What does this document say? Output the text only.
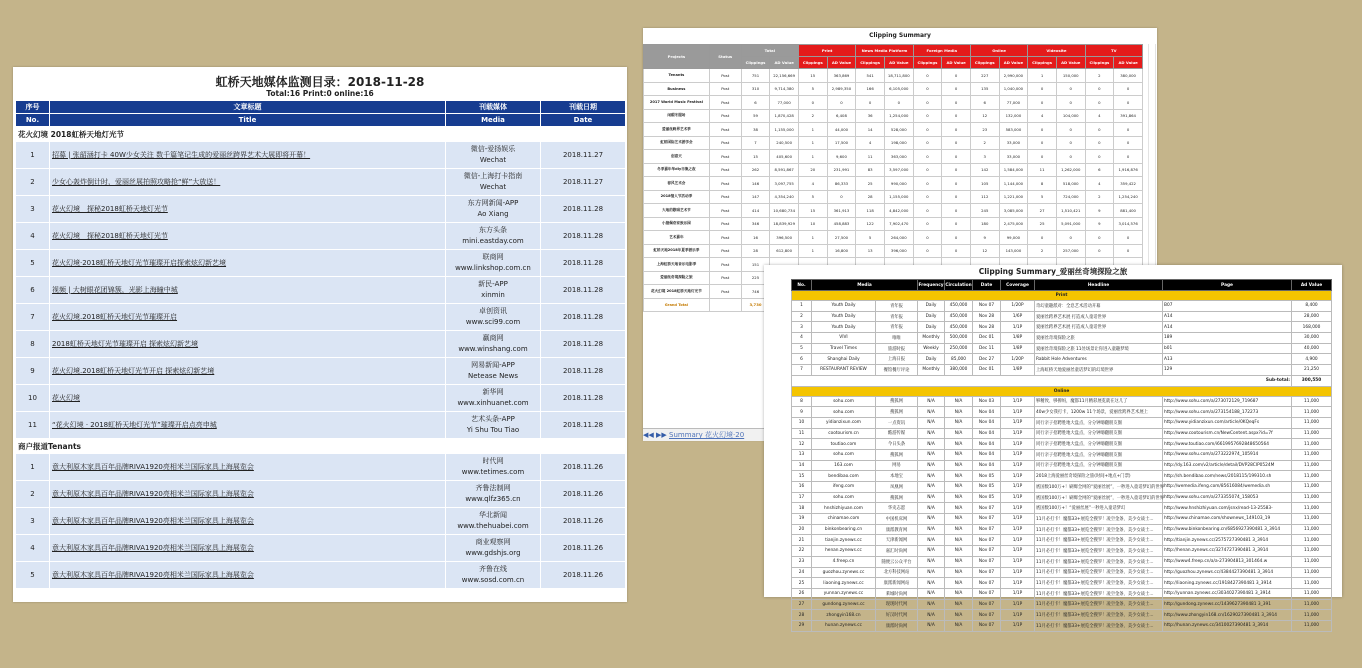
虹桥天地媒体监测目录：2018-11-28
Total:16 Print:0 online:16
序号	文章标题	刊载媒体	刊载日期
No.	Title	Media	Date
花火幻境 2018虹桥天地灯光节			
1	招募 | 张韶涵打卡 40W少女关注 数千篇笔记生成的爱丽丝跨界艺术大展即将开幕！	微信-爱扬娱乐
Wechat	2018.11.27
2	少女心轰炸倒计时，爱丽丝展拍照攻略抢“鲜”大放送！	微信-上海打卡指南
Wechat	2018.11.27
3	花火幻境　探秘2018虹桥天地灯光节	东方网新闻-APP
Ao Xiang	2018.11.28
4	花火幻境　探秘2018虹桥天地灯光节	东方头条
mini.eastday.com	2018.11.28
5	花火幻境·2018虹桥天地灯光节璀璨开启探索炫幻新艺境	联商网
www.linkshop.com.cn	2018.11.28
6	视频 | 大树眼花团锦簇，光影上海瞳中城	新民-APP
xinmin	2018.11.28
7	花火幻境.2018虹桥天地灯光节璀璨开启	卓创资讯
www.sci99.com	2018.11.28
8	2018虹桥天地灯光节璀璨开启 探索炫幻新艺境	赢商网
www.winshang.com	2018.11.28
9	花火幻境.2018虹桥天地灯光节开启 探索炫幻新艺境	网易新闻-APP
Netease News	2018.11.28
10	花火幻境	新华网
www.xinhuanet.com	2018.11.28
11	“花火幻境 · 2018虹桥天地灯光节”璀璨开启点亮申城	艺术头条-APP
Yi Shu Tou Tiao	2018.11.28
商户报道Tenants			
1	意大利原木家具百年品牌RIVA1920亮相米兰国际家具上海展览会	时代网
www.tetimes.com	2018.11.26
2	意大利原木家具百年品牌RIVA1920亮相米兰国际家具上海展览会	齐鲁法制网
www.qlfz365.cn	2018.11.26
3	意大利原木家具百年品牌RIVA1920亮相米兰国际家具上海展览会	华北新闻
www.thehuabei.com	2018.11.26
4	意大利原木家具百年品牌RIVA1920亮相米兰国际家具上海展览会	商业观察网
www.gdshjs.org	2018.11.26
5	意大利原木家具百年品牌RIVA1920亮相米兰国际家具上海展览会	齐鲁在线
www.sosd.com.cn	2018.11.26
Clipping Summary
Projects	Status	Total		Print		News Media Platform		Foreign Media		Online		Videosite		TV	
		Clippings	AD Value	Clippings	AD Value	Clippings	AD Value	Clippings	AD Value	Clippings	AD Value	Clippings	AD Value	Clippings	AD Value
Tenants	Post	751	22,156,669	15	363,869	541	18,711,800	0	0	227	2,990,000	1	150,000	2	380,000
Business	Post	310	9,714,380	5	2,989,350	166	6,105,000	0	0	135	1,040,000	0	0	0	0
2017 World Music Festival	Post	6	77,000	0	0	0	0	0	0	6	77,000	0	0	0	0
闲暇冬服场	Post	59	1,870,428	2	6,408	36	1,254,000	0	0	12	132,000	4	104,000	4	391,864
爱丽丝跨界艺术季	Post	38	1,155,000	1	44,000	14	528,000	0	0	23	583,000	0	0	0	0
虹桥国际艺术游学会	Post	7	240,500	1	17,500	4	198,000	0	0	2	33,000	0	0	0	0
创意天	Post	15	405,600	1	9,600	11	363,000	0	0	3	33,000	0	0	0	0
冬季嘉年华diy市集之夜	Post	262	8,591,867	20	231,991	83	3,597,000	0	0	142	1,584,000	11	1,262,000	6	1,916,876
春风艺术会	Post	146	3,097,755	4	86,333	25	990,000	0	0	105	1,144,000	8	518,000	4	359,422
2018情人节活动季	Post	147	4,354,240	5	0	28	1,155,000	0	0	112	1,221,000	5	724,000	2	1,254,240
大地的歌唱艺术节	Post	414	10,680,734	15	361,913	118	4,842,000	0	0	245	3,085,000	27	1,510,421	9	881,400
小猪佩奇家族乐园	Post	346	18,839,929	10	458,883	122	7,902,470	0	0	180	2,475,000	25	5,091,000	9	3,014,576
艺术嘉年	Post	16	396,500	1	27,500	5	264,000	0	0	9	99,000	0	0	0	0
虹桥天地2018年夏季游乐季	Post	28	612,800	1	16,800	13	396,000	0	0	12	143,000	2	257,000	0	0
上海虹桥天地音乐电影季	Post	151													
爱丽丝奇境探险之旅	Post	225													
花火幻境 2018虹桥天地灯光节	Post	746													
Grand Total		3,730													
◀◀ ▶▶ Summary 花火幻境·20
Clipping Summary_爱丽丝奇境探险之旅
No.	Media		Frequency	Circulation	Date	Coverage	Headline	Page	Ad Value
Print									
1	Youth Daily	青年报	Daily	450,000	Nov 07	1/20P	奇幻童趣派对：全息艺术活动开幕	B07	8,400
2	Youth Daily	青年报	Daily	450,000	Nov 28	1/6P	爱丽丝跨界艺术展 打造成人童话世界	A14	28,000
3	Youth Daily	青年报	Daily	450,000	Nov 28	1/1P	爱丽丝跨界艺术展 打造成人童话世界	A14	168,000
4	VIVI	唯唯	Monthly	500,000	Dec 01	1/8P	爱丽丝奇境探险之旅	189	30,000
5	Travel Times	旅游时报	Weekly	250,000	Dec 11	1/8P	爱丽丝奇境探险之旅 11处场景让你进入童趣梦境	b01	40,000
6	Shanghai Daily	上海日报	Daily	85,000	Dec 27	1/20P	Rabbit Hole Adventures	A13	4,900
7	RESTAURANT REVIEW	餐馆餐厅评论	Monthly	380,000	Dec 01	1/8P	上海虹桥天地爱丽丝童话梦幻的幻境世界	129	21,250
Sub-total:									300,550
Online									
8	sohu.com	搜狐网	N/A	N/A	Nov 03	1/1P	够精致、够撩妈，魔都11月精彩展览就在这儿了	http://www.sohu.com/a/273072129_719687	11,000
9	sohu.com	搜狐网	N/A	N/A	Nov 04	1/1P	40w少女我打卡，1200w 11个场景，爱丽丝跨界艺术展上	http://www.sohu.com/a/273154188_172273	11,000
10	yidianzixun.com	一点资讯	N/A	N/A	Nov 04	1/1P	同行亲子招聘胜地大盘点，分分钟嗨翻朋友圈	http://www.yidianzixun.com/article/0KQeqFs	11,000
11	cootourism.cn	酷游传媒	N/A	N/A	Nov 04	1/1P	同行亲子招聘胜地大盘点，分分钟嗨翻朋友圈	http://www.cootourism.cn/NewContent.aspx?id=7f	11,000
12	toutiao.com	今日头条	N/A	N/A	Nov 04	1/1P	同行亲子招聘胜地大盘点，分分钟嗨翻朋友圈	http://www.toutiao.com/i6619957692848650564	11,000
13	sohu.com	搜狐网	N/A	N/A	Nov 04	1/1P	同行亲子招聘胜地大盘点，分分钟嗨翻朋友圈	http://www.sohu.com/a/273222974_105914	11,000
14	163.com	网易	N/A	N/A	Nov 04	1/1P	同行亲子招聘胜地大盘点，分分钟嗨翻朋友圈	http://dy.163.com/v2/article/detail/DVP28CIP0524M	11,000
15	bendibao.com	本地宝	N/A	N/A	Nov 05	1/1P	2018上海爱丽丝奇境探险之旅(时间+地点+门票)	http://sh.bendibao.com/news/2018115/199310.sh	11,000
16	ifeng.com	凤凰网	N/A	N/A	Nov 05	1/1P	底国数100万+！刷爆全网的“爱丽丝展”，一秒进入童话梦幻的世界	http://wemedia.ifeng.com/85616084/wemedia.sh	11,000
17	sohu.com	搜狐网	N/A	N/A	Nov 05	1/1P	底国数100万+！刷爆全网的“爱丽丝展”，一秒进入童话梦幻的世界	http://www.sohu.com/a/273355074_158053	11,000
18	hnshizhiyuan.com	华史志愿	N/A	N/A	Nov 07	1/1P	底国数100万+！“爱丽丝展”一秒进入童话梦幻	http://www.hnshizhiyuan.com/jsnx/read-13-25583-	11,000
19	chinamae.com	中国机床网	N/A	N/A	Nov 07	1/1P	11月必打卡！魔都33+展览全搜罗！凌空金条、美少女战士...	http://www.chinamae.com/shownews_149103_19	11,000
20	binkonbearing.cn	康派教育网	N/A	N/A	Nov 07	1/1P	11月必打卡！魔都33+展览全搜罗！凌空金条、美少女战士...	http://www.binkonbearing.cn/6856927390481 3_3914	11,000
21	tianjin.zynews.cc	天津新闻网	N/A	N/A	Nov 07	1/1P	11月必打卡！魔都33+展览全搜罗！凌空金条、美少女战士...	http://tianjin.zynews.cc/2575727390481 3_3914	11,000
22	henan.zynews.cc	嘉汇时尚网	N/A	N/A	Nov 07	1/1P	11月必打卡！魔都33+展览全搜罗！凌空金条、美少女战士...	http://henan.zynews.cc/3274727390481 3_3914	11,000
23	4.freep.cn	随便云公众平台	N/A	N/A	Nov 07	1/1P	11月必打卡！魔都33+展览全搜罗！凌空金条、美少女战士...	http://www4.freep.cn/a/a-273904813_301464.w	11,000
24	guozhou.zynews.cc	北方科技网站	N/A	N/A	Nov 07	1/1P	11月必打卡！魔都33+展览全搜罗！凌空金条、美少女战士...	http://guozhou.zynews.cc/4384427390481 3_3914	11,000
25	liaoning.zynews.cc	康派新闻网站	N/A	N/A	Nov 07	1/1P	11月必打卡！魔都33+展览全搜罗！凌空金条、美少女战士...	http://liaoning.zynews.cc/1918427390481 3_3914	11,000
26	yunnan.zynews.cc	莱城时尚网	N/A	N/A	Nov 07	1/1P	11月必打卡！魔都33+展览全搜罗！凌空金条、美少女战士...	http://yunnan.zynews.cc/3034027390481 3_3914	11,000
27	gundong.zynews.cc	现现时代网	N/A	N/A	Nov 07	1/1P	11月必打卡！魔都33+展览全搜罗！凌空金条、美少女战士...	http://gundong.zynews.cc/1439627390481 3_391	11,000
28	zhongyin168.cn	好汉时代网	N/A	N/A	Nov 07	1/1P	11月必打卡！魔都33+展览全搜罗！凌空金条、美少女战士...	http://www.zhongyin168.cn/1629027390481 3_3914	11,000
29	hunan.zynews.cc	康派时尚网	N/A	N/A	Nov 07	1/1P	11月必打卡！魔都33+展览全搜罗！凌空金条、美少女战士...	http://hunan.zynews.cc/3410027390481 3_3914	11,000
